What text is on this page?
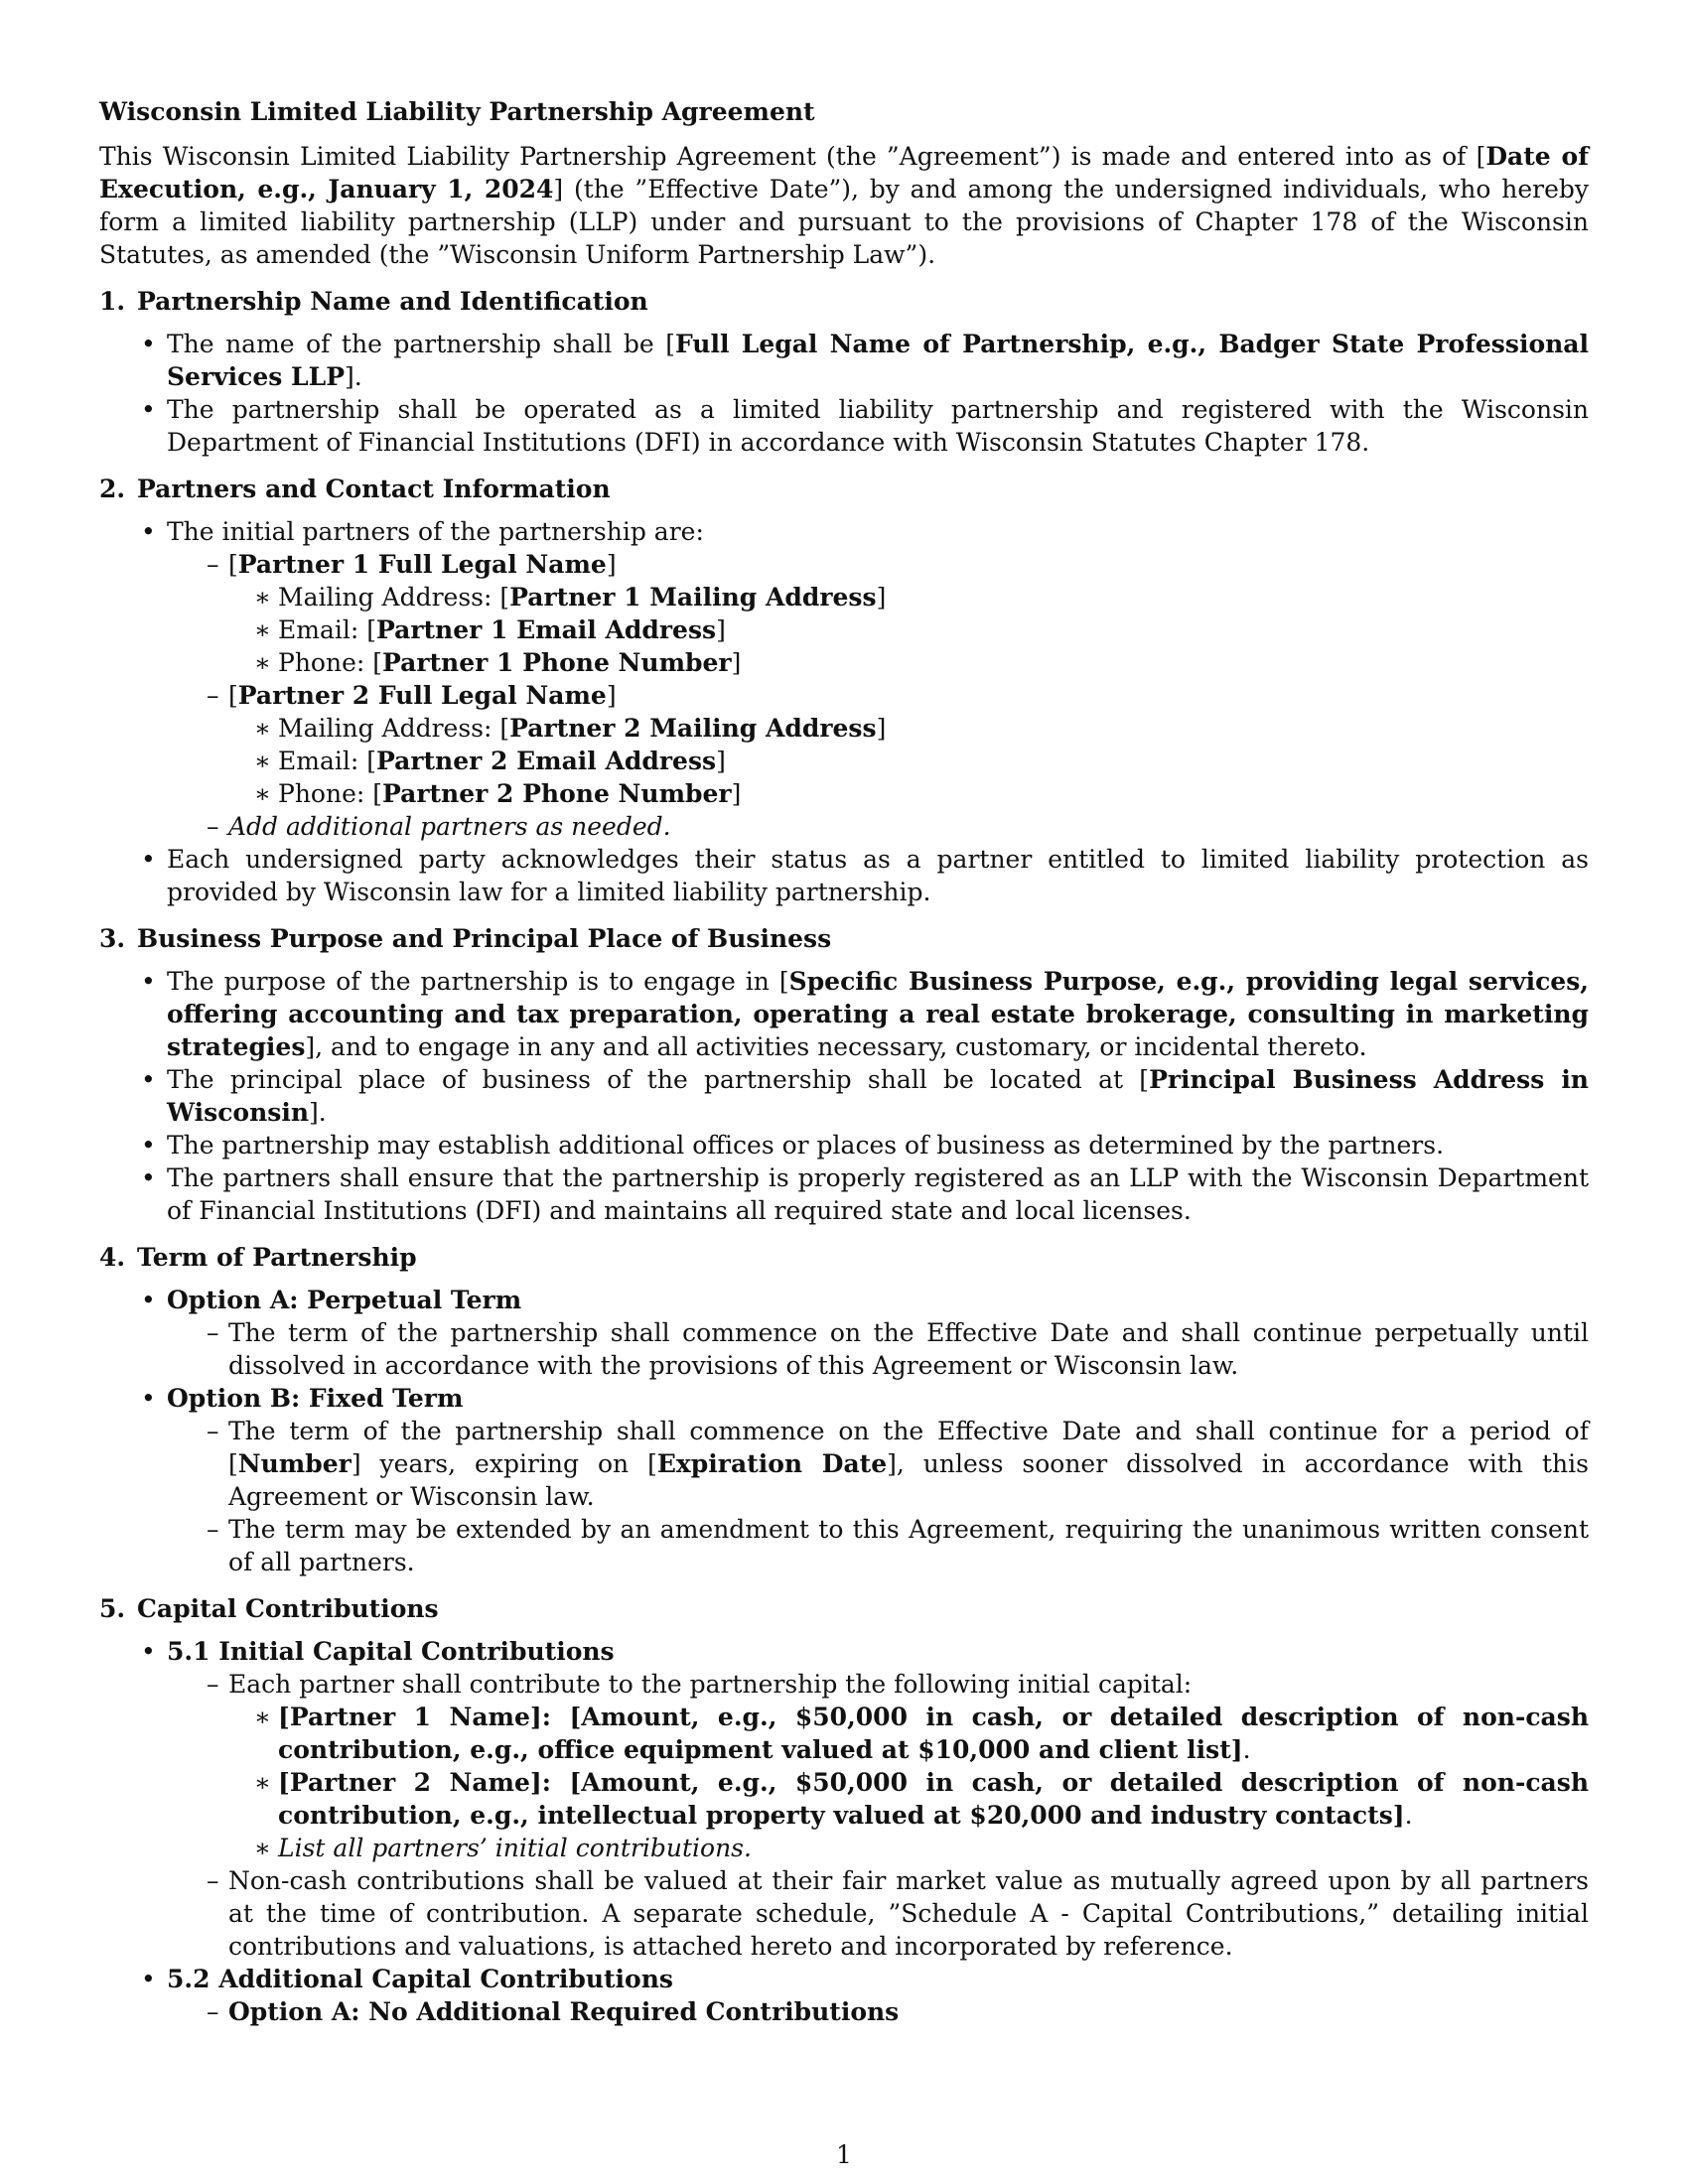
Wisconsin Limited Liability Partnership Agreement

This Wisconsin Limited Liability Partnership Agreement (the ”Agreement”) is made and entered into as of [Date of Execution, e.g., January 1, 2024] (the ”Effective Date”), by and among the undersigned individuals, who hereby form a limited liability partnership (LLP) under and pursuant to the provisions of Chapter 178 of the Wisconsin Statutes, as amended (the ”Wisconsin Uniform Partnership Law”).

1. Partnership Name and Identification
• The name of the partnership shall be [Full Legal Name of Partnership, e.g., Badger State Professional Services LLP].
• The partnership shall be operated as a limited liability partnership and registered with the Wisconsin Department of Financial Institutions (DFI) in accordance with Wisconsin Statutes Chapter 178.
2. Partners and Contact Information
• The initial partners of the partnership are:
– [Partner 1 Full Legal Name]
∗ Mailing Address: [Partner 1 Mailing Address]
∗ Email: [Partner 1 Email Address]
∗ Phone: [Partner 1 Phone Number]
– [Partner 2 Full Legal Name]
∗ Mailing Address: [Partner 2 Mailing Address]
∗ Email: [Partner 2 Email Address]
∗ Phone: [Partner 2 Phone Number]
– Add additional partners as needed.
• Each undersigned party acknowledges their status as a partner entitled to limited liability protection as provided by Wisconsin law for a limited liability partnership.
3. Business Purpose and Principal Place of Business
• The purpose of the partnership is to engage in [Specific Business Purpose, e.g., providing legal services, offering accounting and tax preparation, operating a real estate brokerage, consulting in marketing strategies], and to engage in any and all activities necessary, customary, or incidental thereto.
• The principal place of business of the partnership shall be located at [Principal Business Address in Wisconsin].
• The partnership may establish additional offices or places of business as determined by the partners.
• The partners shall ensure that the partnership is properly registered as an LLP with the Wisconsin Department of Financial Institutions (DFI) and maintains all required state and local licenses.
4. Term of Partnership
• Option A: Perpetual Term
– The term of the partnership shall commence on the Effective Date and shall continue perpetually until dissolved in accordance with the provisions of this Agreement or Wisconsin law.
• Option B: Fixed Term
– The term of the partnership shall commence on the Effective Date and shall continue for a period of [Number] years, expiring on [Expiration Date], unless sooner dissolved in accordance with this Agreement or Wisconsin law.
– The term may be extended by an amendment to this Agreement, requiring the unanimous written consent of all partners.
5. Capital Contributions
• 5.1 Initial Capital Contributions
– Each partner shall contribute to the partnership the following initial capital:
∗ [Partner 1 Name]: [Amount, e.g., $50,000 in cash, or detailed description of non-cash contribution, e.g., office equipment valued at $10,000 and client list].
∗ [Partner 2 Name]: [Amount, e.g., $50,000 in cash, or detailed description of non-cash contribution, e.g., intellectual property valued at $20,000 and industry contacts].
∗ List all partners’ initial contributions.
– Non-cash contributions shall be valued at their fair market value as mutually agreed upon by all partners at the time of contribution. A separate schedule, ”Schedule A - Capital Contributions,” detailing initial contributions and valuations, is attached hereto and incorporated by reference.
• 5.2 Additional Capital Contributions
– Option A: No Additional Required Contributions
1
